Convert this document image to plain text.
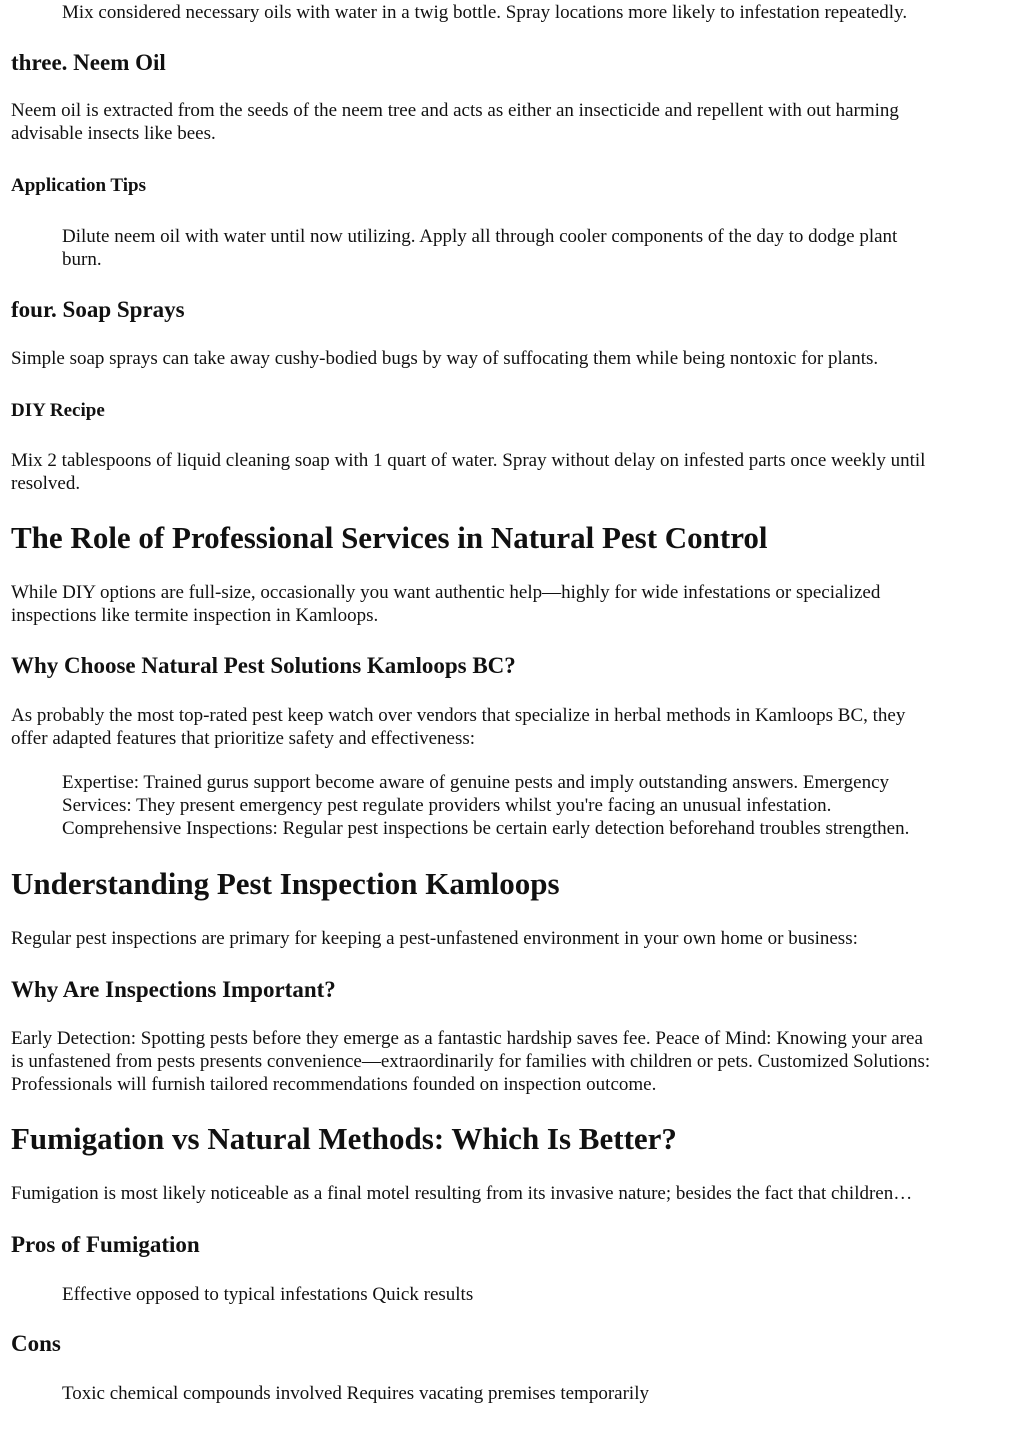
Mix considered necessary oils with water in a twig bottle. Spray locations more likely to infestation repeatedly.

three. Neem Oil

Neem oil is extracted from the seeds of the neem tree and acts as either an insecticide and repellent with out harming
advisable insects like bees.

Application Tips

Dilute neem oil with water until now utilizing. Apply all through cooler components of the day to dodge plant
burn.

four. Soap Sprays

Simple soap sprays can take away cushy-bodied bugs by way of suffocating them while being nontoxic for plants.

DIY Recipe

Mix 2 tablespoons of liquid cleaning soap with 1 quart of water. Spray without delay on infested parts once weekly until
resolved.

The Role of Professional Services in Natural Pest Control

While DIY options are full-size, occasionally you want authentic help—highly for wide infestations or specialized
inspections like termite inspection in Kamloops.

Why Choose Natural Pest Solutions Kamloops BC?

As probably the most top-rated pest keep watch over vendors that specialize in herbal methods in Kamloops BC, they
offer adapted features that prioritize safety and effectiveness:

Expertise: Trained gurus support become aware of genuine pests and imply outstanding answers. Emergency
Services: They present emergency pest regulate providers whilst you're facing an unusual infestation.
Comprehensive Inspections: Regular pest inspections be certain early detection beforehand troubles strengthen.

Understanding Pest Inspection Kamloops

Regular pest inspections are primary for keeping a pest-unfastened environment in your own home or business:

Why Are Inspections Important?

Early Detection: Spotting pests before they emerge as a fantastic hardship saves fee. Peace of Mind: Knowing your area
is unfastened from pests presents convenience—extraordinarily for families with children or pets. Customized Solutions:
Professionals will furnish tailored recommendations founded on inspection outcome.

Fumigation vs Natural Methods: Which Is Better?

Fumigation is most likely noticeable as a final motel resulting from its invasive nature; besides the fact that children…

Pros of Fumigation

Effective opposed to typical infestations Quick results

Cons

Toxic chemical compounds involved Requires vacating premises temporarily
